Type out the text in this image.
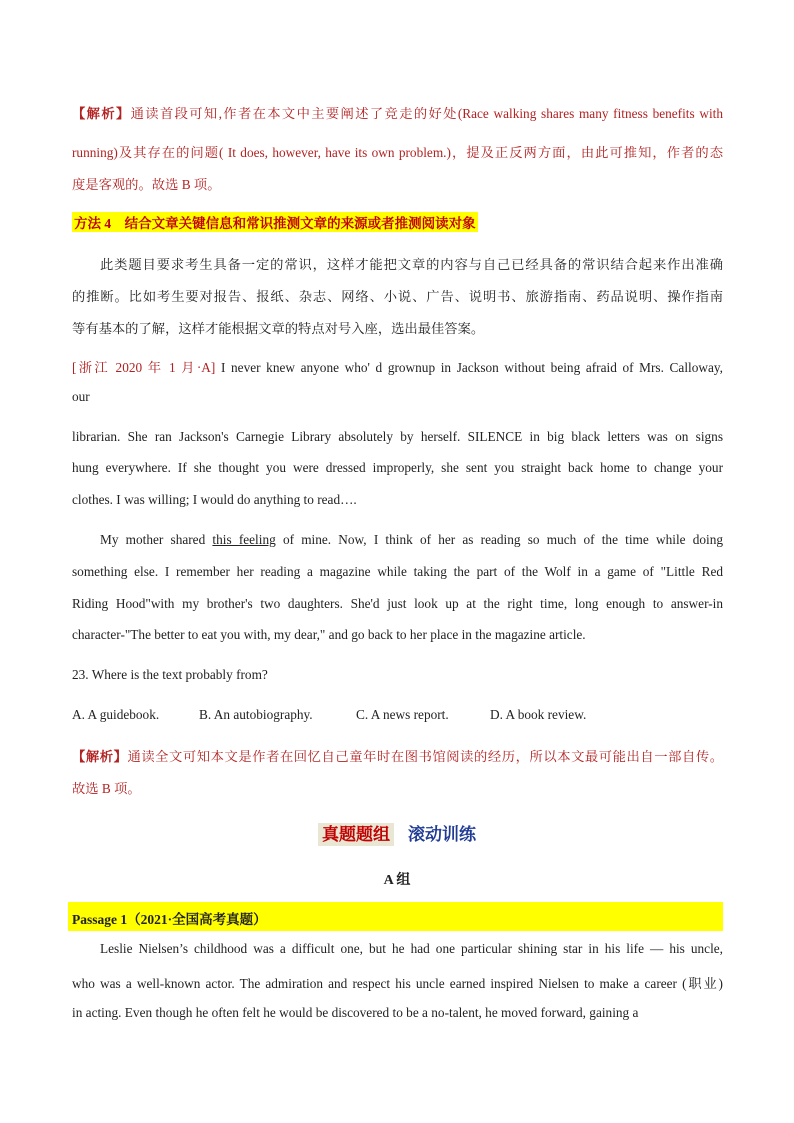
【解析】通读首段可知,作者在本文中主要阐述了竞走的好处(Race walking shares many fitness benefits with
running)及其存在的问题( It does, however, have its own problem.)，提及正反两方面，由此可推知，作者的态
度是客观的。故选 B 项。
方法 4　结合文章关键信息和常识推测文章的来源或者推测阅读对象
此类题目要求考生具备一定的常识，这样才能把文章的内容与自己已经具备的常识结合起来作出准确
的推断。比如考生要对报告、报纸、杂志、网络、小说、广告、说明书、旅游指南、药品说明、操作指南
等有基本的了解，这样才能根据文章的特点对号入座，选出最佳答案。
[浙江 2020 年 1 月·A] I never knew anyone who' d grownup in Jackson without being afraid of Mrs. Calloway,
our
librarian. She ran Jackson's Carnegie Library absolutely by herself. SILENCE in big black letters was on signs
hung everywhere. If she thought you were dressed improperly, she sent you straight back home to change your
clothes. I was willing; I would do anything to read….
My mother shared this feeling of mine. Now, I think of her as reading so much of the time while doing
something else. I remember her reading a magazine while taking the part of the Wolf in a game of "Little Red
Riding Hood"with my brother's two daughters. She'd just look up at the right time, long enough to answer-in
character-"The better to eat you with, my dear," and go back to her place in the magazine article.
23. Where is the text probably from?
A. A guidebook.	B. An autobiography.	C. A news report.	D. A book review.
【解析】通读全文可知本文是作者在回忆自己童年时在图书馆阅读的经历，所以本文最可能出自一部自传。
故选 B 项。
真题题组 滚动训练
A 组
Passage 1（2021·全国高考真题）
Leslie Nielsen’s childhood was a difficult one, but he had one particular shining star in his life — his uncle,
who was a well-known actor. The admiration and respect his uncle earned inspired Nielsen to make a career (职业)
in acting. Even though he often felt he would be discovered to be a no-talent, he moved forward, gaining a
